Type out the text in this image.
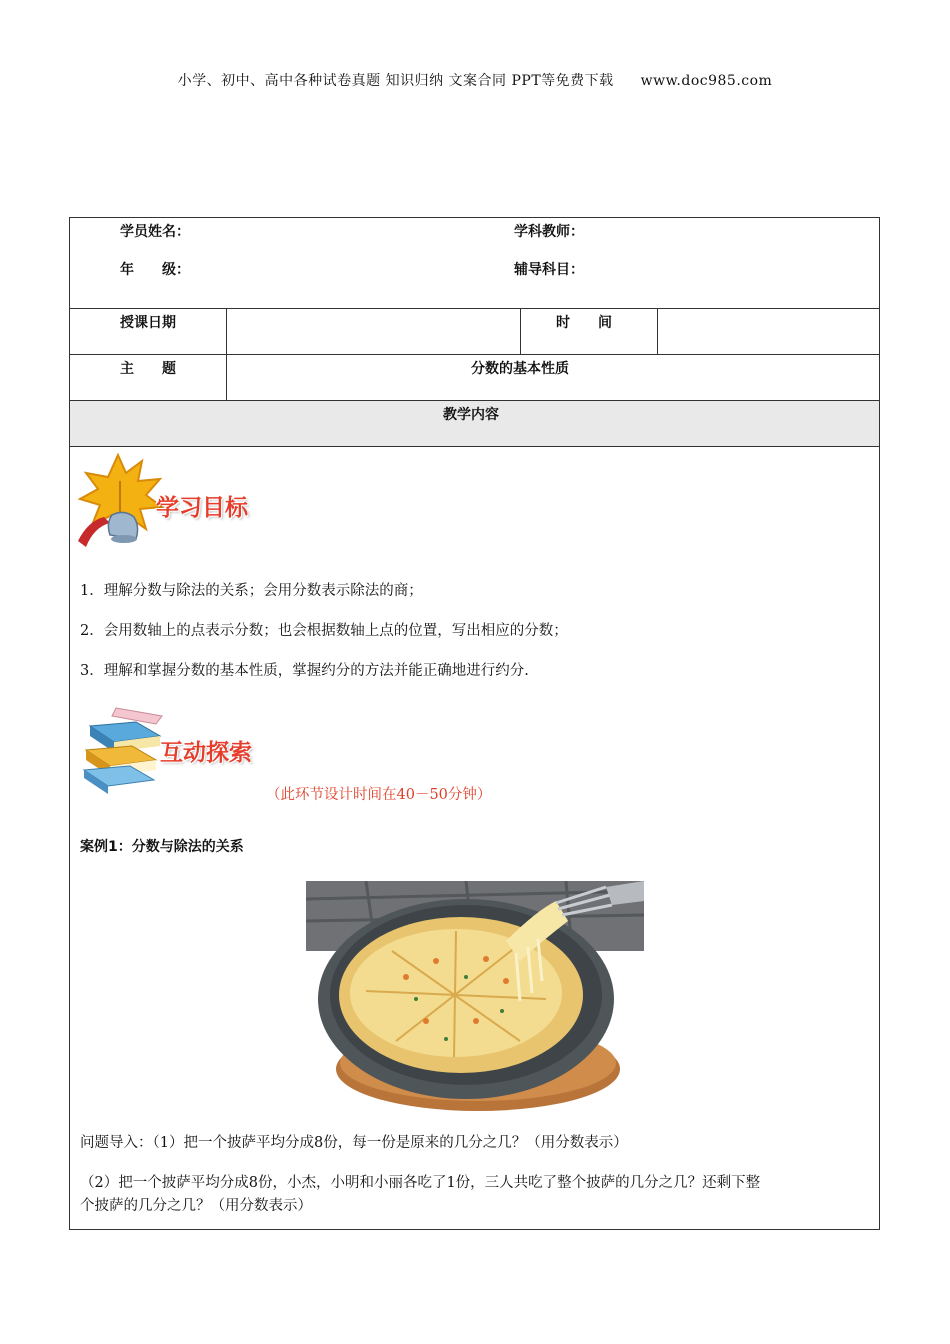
小学、初中、高中各种试卷真题 知识归纳 文案合同 PPT等免费下载 www.doc985.com
学员姓名：	学科教师：
年　　级：	辅导科目：
授课日期	时　　间
主　　题	分数的基本性质
教学内容
学习目标
1．理解分数与除法的关系；会用分数表示除法的商；
2．会用数轴上的点表示分数；也会根据数轴上点的位置，写出相应的分数；
3．理解和掌握分数的基本性质，掌握约分的方法并能正确地进行约分.
互动探索
（此环节设计时间在40－50分钟）
案例1：分数与除法的关系
问题导入：（1）把一个披萨平均分成8份，每一份是原来的几分之几？（用分数表示）
（2）把一个披萨平均分成8份，小杰，小明和小丽各吃了1份，三人共吃了整个披萨的几分之几？还剩下整
个披萨的几分之几？（用分数表示）
